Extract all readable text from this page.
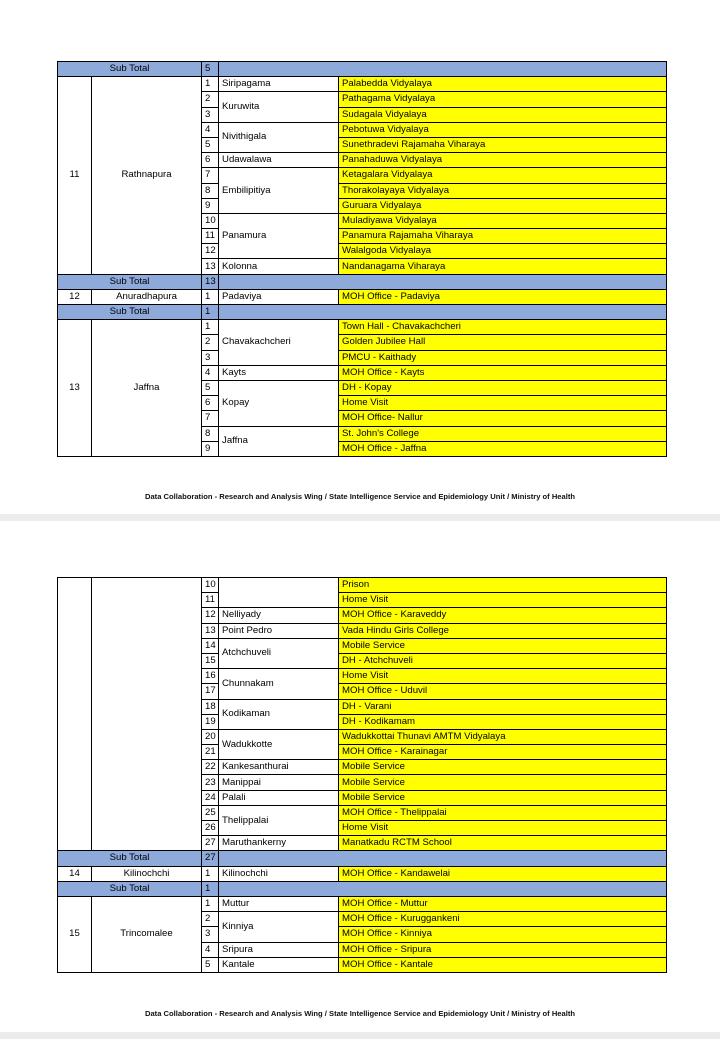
Sub Total		5		
11	Rathnapura	1	Siripagama	Palabedda Vidyalaya
		2	Kuruwita	Pathagama Vidyalaya
		3		Sudagala Vidyalaya
		4	Nivithigala	Pebotuwa Vidyalaya
		5		Sunethradevi Rajamaha Viharaya
		6	Udawalawa	Panahaduwa Vidyalaya
		7	Embilipitiya	Ketagalara Vidyalaya
		8		Thorakolayaya Vidyalaya
		9		Guruara Vidyalaya
		10	Panamura	Muladiyawa Vidyalaya
		11		Panamura Rajamaha Viharaya
		12		Walalgoda Vidyalaya
		13	Kolonna	Nandanagama Viharaya
Sub Total		13		
12	Anuradhapura	1	Padaviya	MOH Office - Padaviya
Sub Total		1		
13	Jaffna	1	Chavakachcheri	Town Hall - Chavakachcheri
		2		Golden Jubilee Hall
		3		PMCU - Kaithady
		4	Kayts	MOH Office - Kayts
		5	Kopay	DH - Kopay
		6		Home Visit
		7		MOH Office- Nallur
		8	Jaffna	St. John's College
		9		MOH Office - Jaffna
Data Collaboration - Research and Analysis Wing / State Intelligence Service and Epidemiology Unit / Ministry of Health
		10		Prison
		11		Home Visit
		12	Nelliyady	MOH Office - Karaveddy
		13	Point Pedro	Vada Hindu Girls College
		14	Atchchuveli	Mobile Service
		15		DH - Atchchuveli
		16	Chunnakam	Home Visit
		17		MOH Office - Uduvil
		18	Kodikaman	DH - Varani
		19		DH - Kodikamam
		20	Wadukkotte	Wadukkottai Thunavi AMTM Vidyalaya
		21		MOH Office - Karainagar
		22	Kankesanthurai	Mobile Service
		23	Manippai	Mobile Service
		24	Palali	Mobile Service
		25	Thelippalai	MOH Office - Thelippalai
		26		Home Visit
		27	Maruthankerny	Manatkadu RCTM School
Sub Total		27		
14	Kilinochchi	1	Kilinochchi	MOH Office - Kandawelai
Sub Total		1		
15	Trincomalee	1	Muttur	MOH Office - Muttur
		2	Kinniya	MOH Office - Kuruggankeni
		3		MOH Office - Kinniya
		4	Sripura	MOH Office - Sripura
		5	Kantale	MOH Office - Kantale
Data Collaboration - Research and Analysis Wing / State Intelligence Service and Epidemiology Unit / Ministry of Health
